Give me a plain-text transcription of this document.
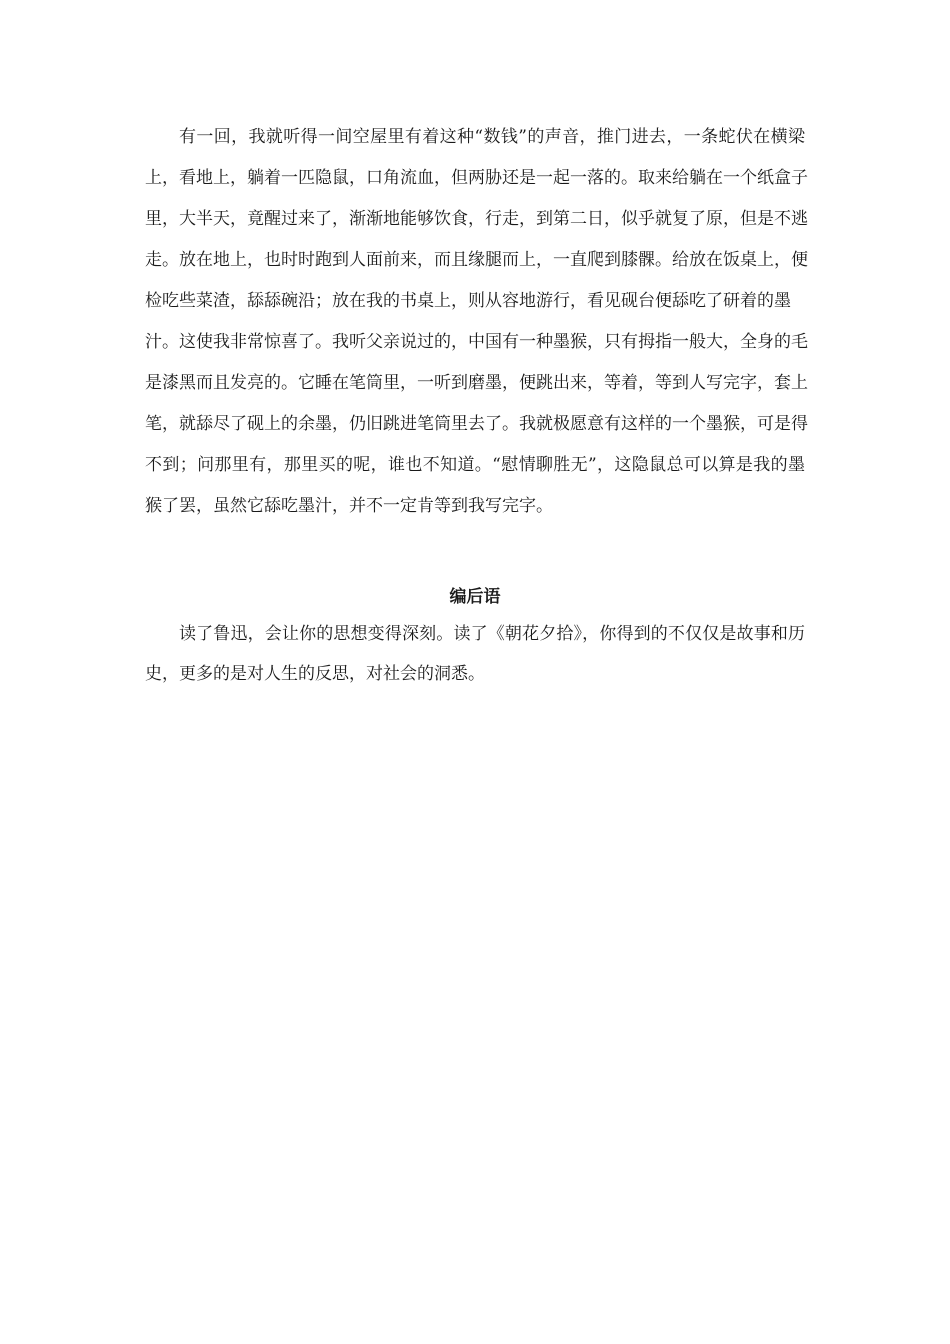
有一回，我就听得一间空屋里有着这种“数钱”的声音，推门进去，一条蛇伏在横梁
上，看地上，躺着一匹隐鼠，口角流血，但两胁还是一起一落的。取来给躺在一个纸盒子
里，大半天，竟醒过来了，渐渐地能够饮食，行走，到第二日，似乎就复了原，但是不逃
走。放在地上，也时时跑到人面前来，而且缘腿而上，一直爬到膝髁。给放在饭桌上，便
检吃些菜渣，舔舔碗沿；放在我的书桌上，则从容地游行，看见砚台便舔吃了研着的墨
汁。这使我非常惊喜了。我听父亲说过的，中国有一种墨猴，只有拇指一般大，全身的毛
是漆黑而且发亮的。它睡在笔筒里，一听到磨墨，便跳出来，等着，等到人写完字，套上
笔，就舔尽了砚上的余墨，仍旧跳进笔筒里去了。我就极愿意有这样的一个墨猴，可是得
不到；问那里有，那里买的呢，谁也不知道。“慰情聊胜无”，这隐鼠总可以算是我的墨
猴了罢，虽然它舔吃墨汁，并不一定肯等到我写完字。
编后语
读了鲁迅，会让你的思想变得深刻。读了《朝花夕拾》，你得到的不仅仅是故事和历
史，更多的是对人生的反思，对社会的洞悉。
